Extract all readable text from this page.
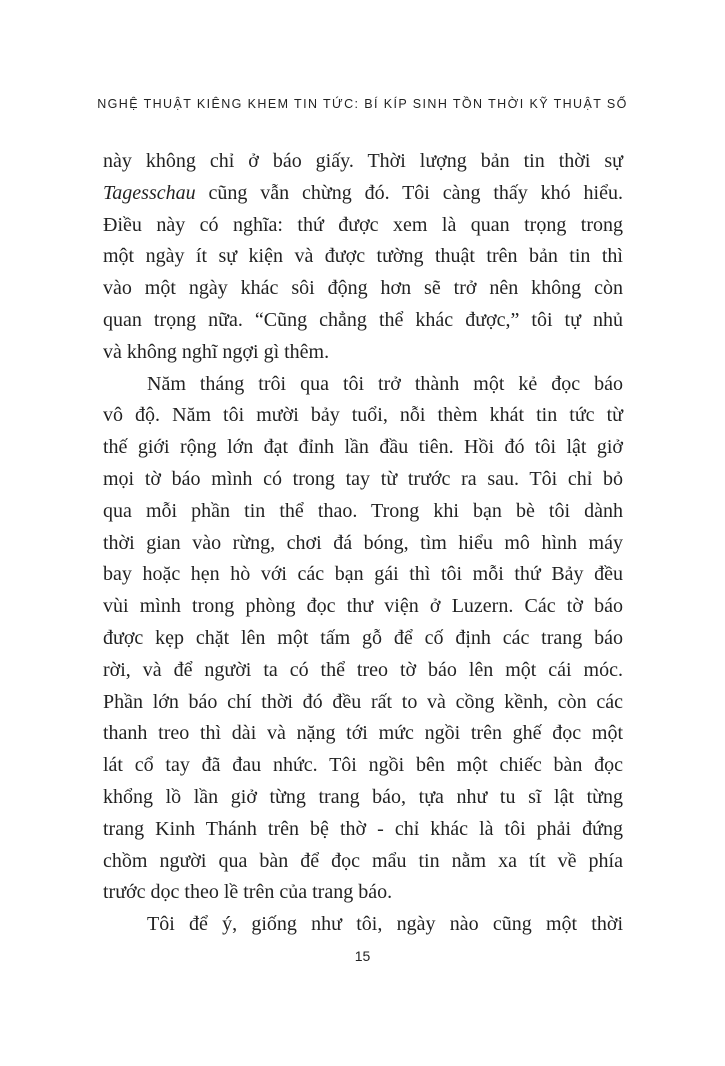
NGHỆ THUẬT KIÊNG KHEM TIN TỨC: BÍ KÍP SINH TỒN THỜI KỸ THUẬT SỐ
này không chỉ ở báo giấy. Thời lượng bản tin thời sự
Tagesschau cũng vẫn chừng đó. Tôi càng thấy khó hiểu.
Điều này có nghĩa: thứ được xem là quan trọng trong
một ngày ít sự kiện và được tường thuật trên bản tin thì
vào một ngày khác sôi động hơn sẽ trở nên không còn
quan trọng nữa. “Cũng chẳng thể khác được,” tôi tự nhủ
và không nghĩ ngợi gì thêm.
Năm tháng trôi qua tôi trở thành một kẻ đọc báo
vô độ. Năm tôi mười bảy tuổi, nỗi thèm khát tin tức từ
thế giới rộng lớn đạt đỉnh lần đầu tiên. Hồi đó tôi lật giở
mọi tờ báo mình có trong tay từ trước ra sau. Tôi chỉ bỏ
qua mỗi phần tin thể thao. Trong khi bạn bè tôi dành
thời gian vào rừng, chơi đá bóng, tìm hiểu mô hình máy
bay hoặc hẹn hò với các bạn gái thì tôi mỗi thứ Bảy đều
vùi mình trong phòng đọc thư viện ở Luzern. Các tờ báo
được kẹp chặt lên một tấm gỗ để cố định các trang báo
rời, và để người ta có thể treo tờ báo lên một cái móc.
Phần lớn báo chí thời đó đều rất to và cồng kềnh, còn các
thanh treo thì dài và nặng tới mức ngồi trên ghế đọc một
lát cổ tay đã đau nhức. Tôi ngồi bên một chiếc bàn đọc
khổng lồ lần giở từng trang báo, tựa như tu sĩ lật từng
trang Kinh Thánh trên bệ thờ - chỉ khác là tôi phải đứng
chồm người qua bàn để đọc mẩu tin nằm xa tít về phía
trước dọc theo lề trên của trang báo.
Tôi để ý, giống như tôi, ngày nào cũng một thời
15
